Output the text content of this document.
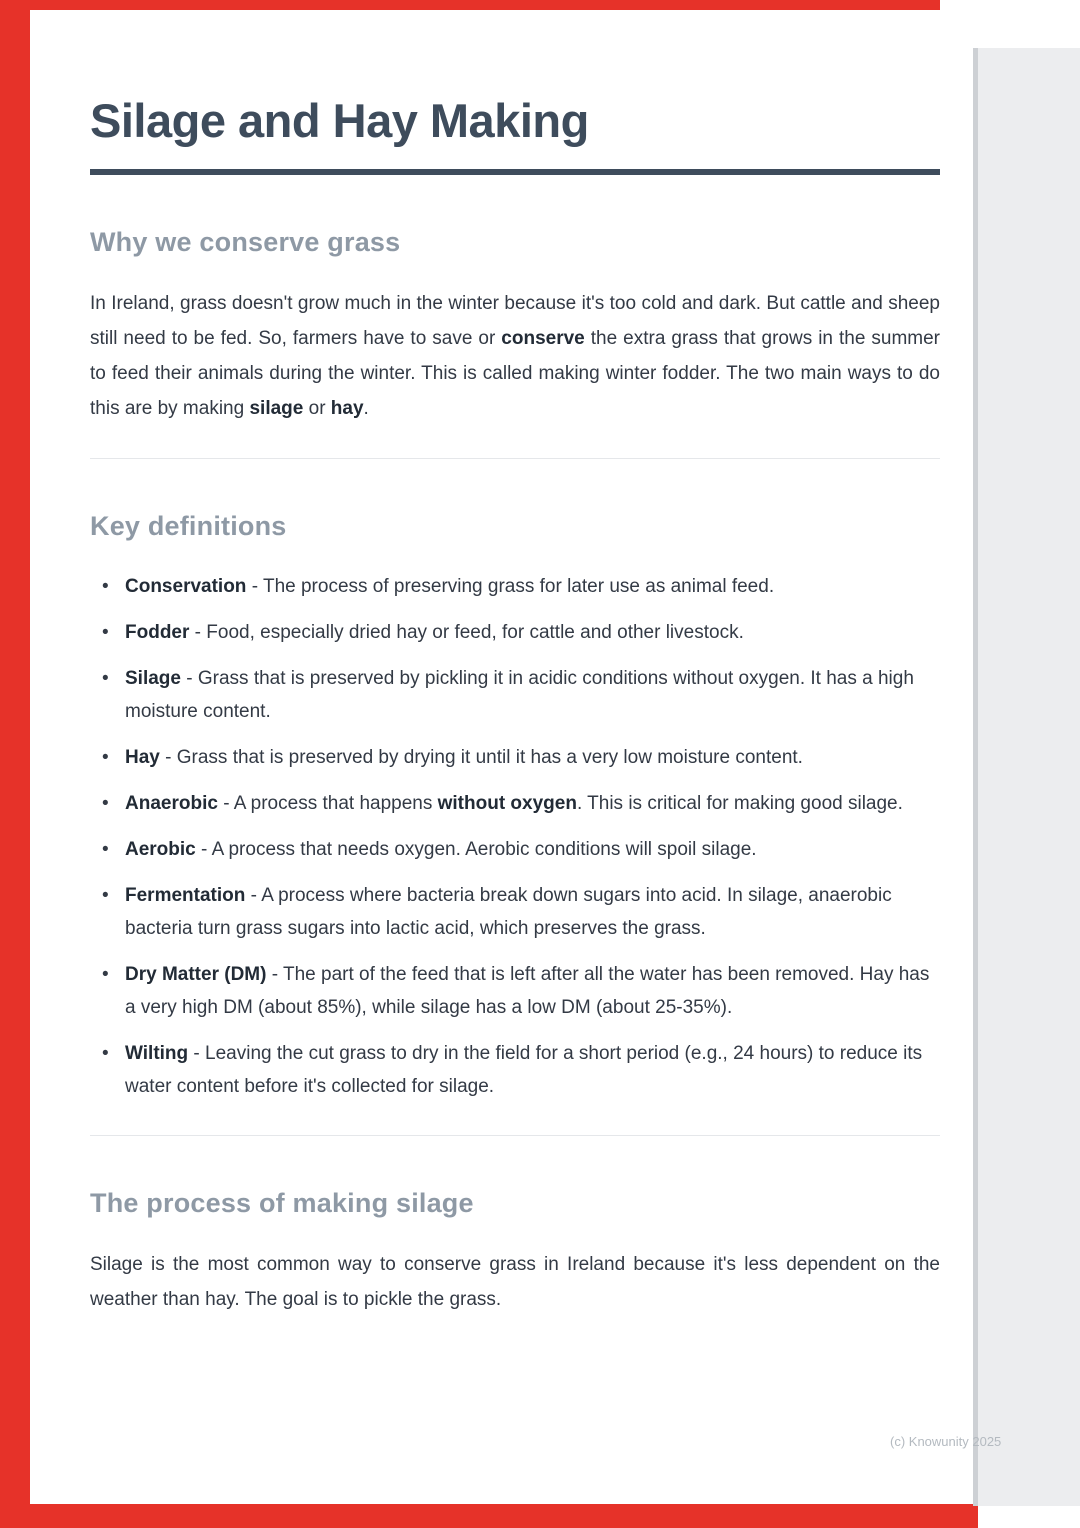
Silage and Hay Making
Why we conserve grass

In Ireland, grass doesn't grow much in the winter because it's too cold and dark. But cattle and sheep still need to be fed. So, farmers have to save or conserve the extra grass that grows in the summer to feed their animals during the winter. This is called making winter fodder. The two main ways to do this are by making silage or hay.

Key definitions
• Conservation - The process of preserving grass for later use as animal feed.
• Fodder - Food, especially dried hay or feed, for cattle and other livestock.
• Silage - Grass that is preserved by pickling it in acidic conditions without oxygen. It has a high moisture content.
• Hay - Grass that is preserved by drying it until it has a very low moisture content.
• Anaerobic - A process that happens without oxygen. This is critical for making good silage.
• Aerobic - A process that needs oxygen. Aerobic conditions will spoil silage.
• Fermentation - A process where bacteria break down sugars into acid. In silage, anaerobic bacteria turn grass sugars into lactic acid, which preserves the grass.
• Dry Matter (DM) - The part of the feed that is left after all the water has been removed. Hay has a very high DM (about 85%), while silage has a low DM (about 25-35%).
• Wilting - Leaving the cut grass to dry in the field for a short period (e.g., 24 hours) to reduce its water content before it's collected for silage.
The process of making silage

Silage is the most common way to conserve grass in Ireland because it's less dependent on the weather than hay. The goal is to pickle the grass.

(c) Knowunity 2025
